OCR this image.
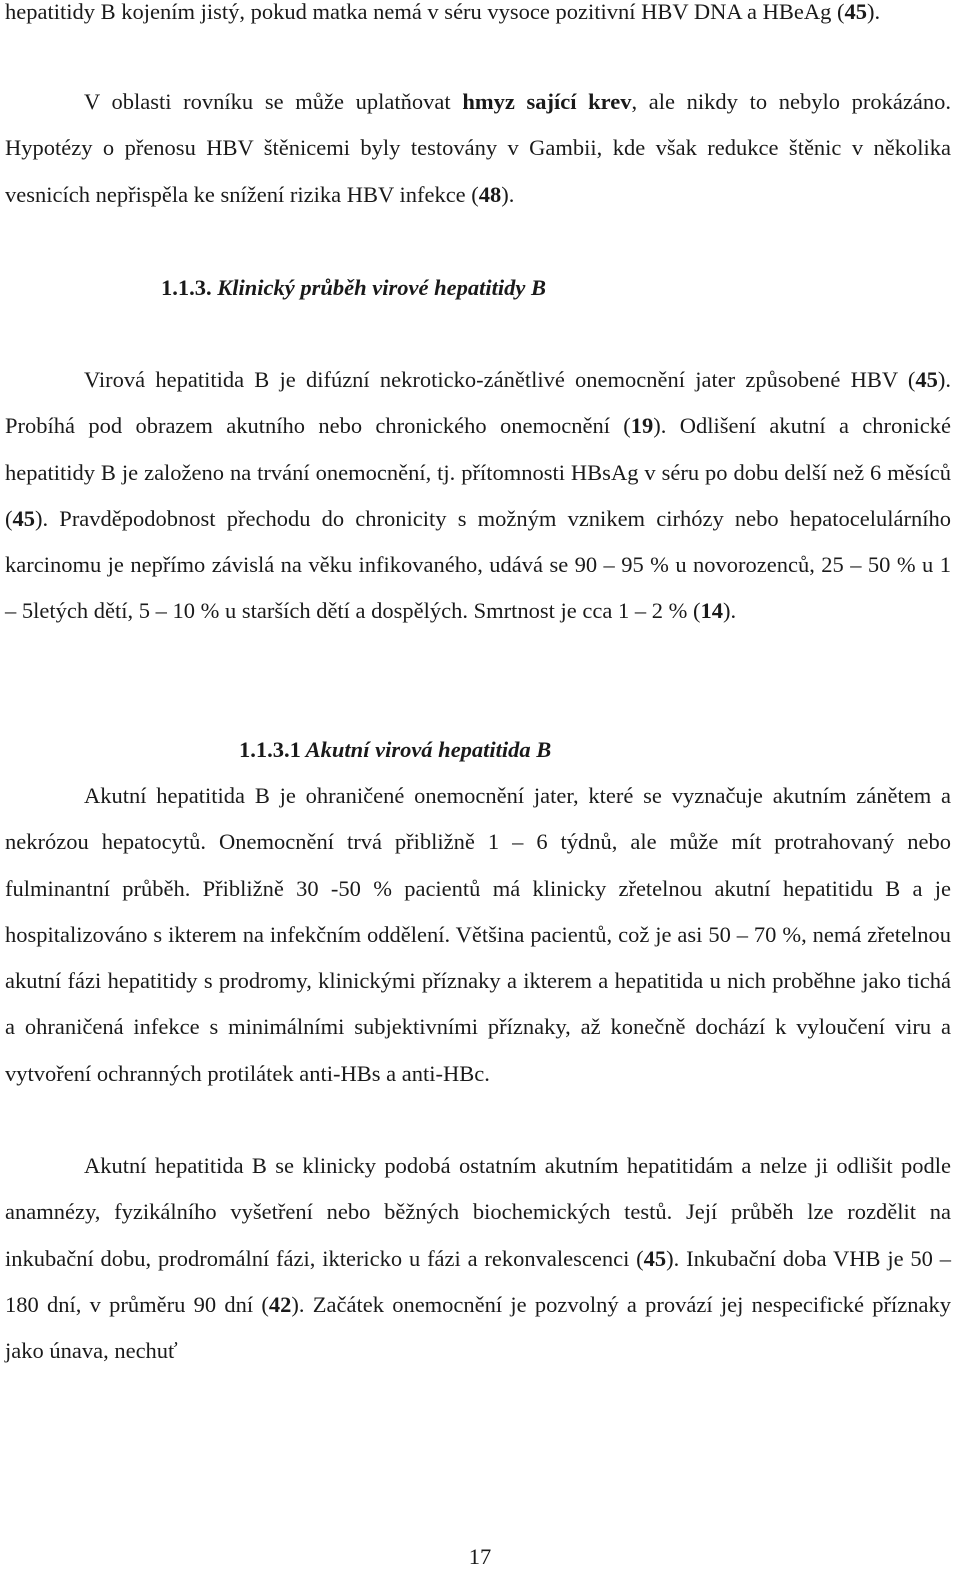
hepatitidy B kojením jistý, pokud matka nemá v séru vysoce pozitivní HBV DNA a HBeAg (45).

V oblasti rovníku se může uplatňovat hmyz sající krev, ale nikdy to nebylo prokázáno. Hypotézy o přenosu HBV štěnicemi byly testovány v Gambii, kde však redukce štěnic v několika vesnicích nepřispěla ke snížení rizika HBV infekce (48).

1.1.3. Klinický průběh virové hepatitidy B

Virová hepatitida B je difúzní nekroticko-zánětlivé onemocnění jater způsobené HBV (45). Probíhá pod obrazem akutního nebo chronického onemocnění (19). Odlišení akutní a chronické hepatitidy B je založeno na trvání onemocnění, tj. přítomnosti HBsAg v séru po dobu delší než 6 měsíců (45). Pravděpodobnost přechodu do chronicity s možným vznikem cirhózy nebo hepatocelulárního karcinomu je nepřímo závislá na věku infikovaného, udává se 90 – 95 % u novorozenců, 25 – 50 % u 1 – 5letých dětí, 5 – 10 % u starších dětí a dospělých. Smrtnost je cca 1 – 2 % (14).

1.1.3.1 Akutní virová hepatitida B

Akutní hepatitida B je ohraničené onemocnění jater, které se vyznačuje akutním zánětem a nekrózou hepatocytů. Onemocnění trvá přibližně 1 – 6 týdnů, ale může mít protrahovaný nebo fulminantní průběh. Přibližně 30 -50 % pacientů má klinicky zřetelnou akutní hepatitidu B a je hospitalizováno s ikterem na infekčním oddělení. Většina pacientů, což je asi 50 – 70 %, nemá zřetelnou akutní fázi hepatitidy s prodromy, klinickými příznaky a ikterem a hepatitida u nich proběhne jako tichá a ohraničená infekce s minimálními subjektivními příznaky, až konečně dochází k vyloučení viru a vytvoření ochranných protilátek anti-HBs a anti-HBc.

Akutní hepatitida B se klinicky podobá ostatním akutním hepatitidám a nelze ji odlišit podle anamnézy, fyzikálního vyšetření nebo běžných biochemických testů. Její průběh lze rozdělit na inkubační dobu, prodromální fázi, iktericko u fázi a rekonvalescenci (45). Inkubační doba VHB je 50 – 180 dní, v průměru 90 dní (42). Začátek onemocnění je pozvolný a provází jej nespecifické příznaky jako únava, nechuť

17
